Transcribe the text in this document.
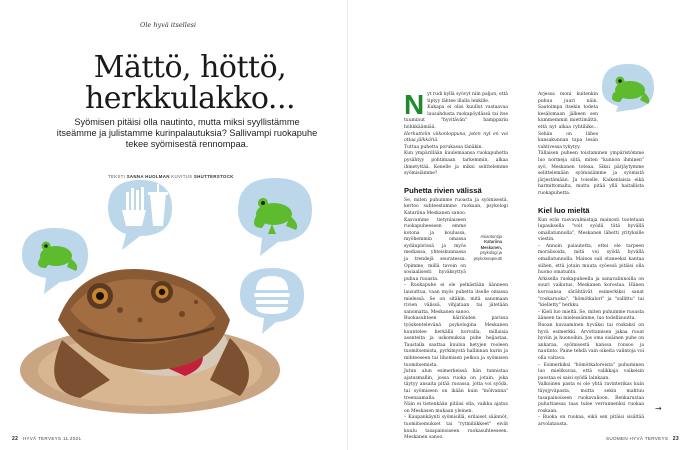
Ole hyvä itsellesi
Mättö, höttö, herkkulakko...
Syömisen pitäisi olla nautinto, mutta miksi syyllistämme itseämme ja julistamme kurinpalautuksia? Sallivampi ruokapuhe tekee syömisestä rennompaa.
TEKSTI SANNA HUOLMAN KUVITUS SHUTTERSTOCK
22 HYVÄ TERVEYS 11.2021

Nyt rudi kyllä syövyt niin paljon, että tiptyy lähtee illalla lenkille.

Kukapa ei olisi kuullut vastaavaa lausahdusta ruokapöydässä tai itse tuuminut "hyvitävän" hampparin höhkkäämiää.

Herkuttelin viikonloppuna, joten nyt en voi ottaa jälkkäriä.

Tuttua puhetta porukassa tänäkin.

Kun ympärillään kuulemaansa ruokapuhetta pysähtyy pohtimaan tarkemmin, alkaa ihmetyttää. Kenelle ja miksi selittelemme syömisiämme?

Puhetta rivien välissä

Se, miten puhumme ruoasta ja syömisestä, kertoo suhteestamme ruokaan, psykologi Katariina Meskanen sanoo.

Kasvamme tietynlaiseen ruokapuheeseen emme kotona ja koulussa, myöhemmin omassa sydänpiirissä ja myös mediassa, yhteiskunnassa ja trendejä seuratessa. Opimme, millä tavoin on sosiaalisesti hyväksyttyä puhua ruoasta.

– Ruokapuhe ei ole pelkästään äänneen lausuttua, vaan myös puhetta itselle omassa mielessä. Se on sitäkin, mitä sanomaan rivien välissä, vihjataan tai jätetään sanomatta, Meskanen sanoo.

Ruokasuhteen häiriöiden parissa työskentelevänä psykologina Meskanen kuuntelee herkällä korvalla, millaisia asenteita ja uskomuksia puhe heijastaa. Taustalla saattaa kuulua hetyjen rooleen tuomitsemista, pyrkimystä hallinnan kurin ja mihteeseen tai lihomisen pelkoa ja syömisen tuomitsemista.

Jutun alun esimerkeissä hän tunnistaa ajatusmallin, jossa ruoka on jotain, joka täytyy ansaita pitää ruoassa, jotta voi syödä, tai syömiseen on ikään kuin "mölvanna" treenaamalla.

Näin ei tietenkään pitäisi olla, vaikka ajatus on Meskasen mukaan yleinen.

– Kaupankäynti syömisillä, erilaiset säännöt, tuomitsemukset tai "rytmiliikkeet" eivät kuulu tasapainoiseen ruokasuhteeseen. Meskanen sanoo.

Asiantuntija
Katariina Meskanen,
psykologi ja psykoterapeutti

Arjessa moni kuitenkin puhuu juuri näin. Saatoimpa itsekin todeta kesälomaan jälkeen sen kummemmin miettimättä, että nyt alkaa ryhtiliike... Sehän on lähes kansakunnan tapa lesän vahtivessa tykytyy.

Tällaisen puheen toistaminen ympäristömme luo normeja siitä, miten "kunnon ihminen" syö, Meskanen toteaa. Siksi pärjäytymme selittelemään syömisiämme ja syömistä järjestämään. Ja toiselle. Kaikenlaisia eikä harmittomalta, mutta pitää yllä haitallista ruokapuhetta.

Kiel luo mieltä

Kun eräs rasvavalmistaja mainosti tuotetaan lupauksella "voit syödä tätä hyvällä omallatunnolla", Meskanen lähetti yrityksille viestin.

– Annoin palautetta, ettei ole tarpeen moralisoida, mitä voi syödä hyvällä omallatunnolla. Mainos sali otaneeksi kantaa siihen, että jotain muuta syöessä pitäisi olla huono omatunto.

Arkisella ruokapuheella ja sanavalinnoilla on suuri vaikutus, Meskanen korostaa. Hänen korvaansa särähtävät esimerkiksi sanat "roskaruoka", "hömötkalori" ja "sallittu" tai "kielletty" herkku.

– Kieli luo mieltä. Se, miten puhumme ruoasta ääneen tai mielessämme, luo todellisuutta.

Ruoan kuvaaminen hyväksi tai roskaksi on hyvä esimerkki. Arvottamisen jakaa ruoat hyviin ja huonoihin. Jos oma sisäinen puhe on ankaraa, syömisestä kanssa ronsoo ja nautinto. Paine tehdä vain oikeita valintoja voi olla valtava.

– Esimerkiksi "hömötkaloreista" puhuminen luo mielikuvaa, että valikkaja vaikeisin paostaa ei saisi syödä lainkaan.

Valkoinen pasta ei ole yhtä ravinterikas kuin täysjyväpasta, mutta sekin mahtuu tasapainoiseen ruokavalioon. Renkarustaa puhuttaessa taas tulee verrannenksi ruokaa roskaan.

– Ruoka on ruokaa, eikä sen pitäisi sisältää arvolatausta.

→
SUOMEN HYVÄ TERVEYS 23
